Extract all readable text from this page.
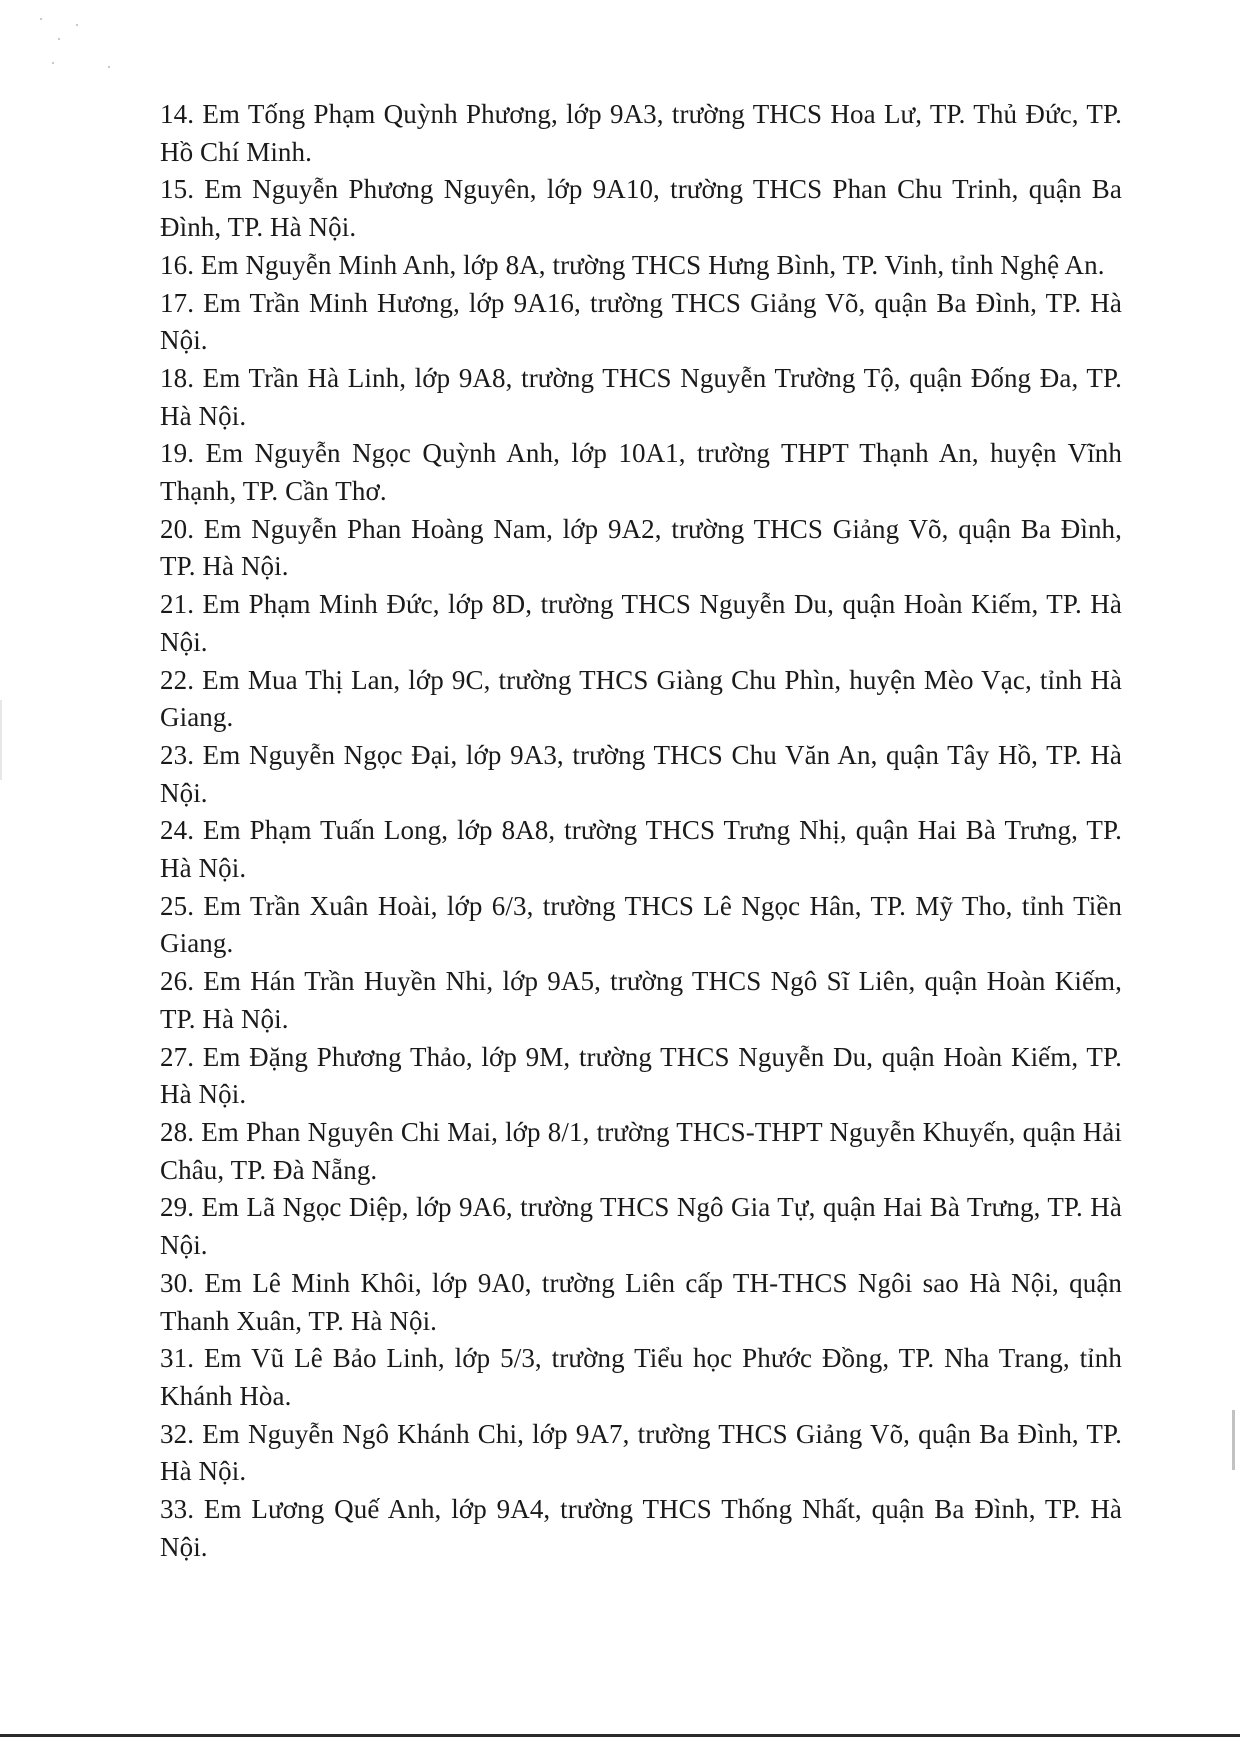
14. Em Tống Phạm Quỳnh Phương, lớp 9A3, trường THCS Hoa Lư, TP. Thủ Đức, TP. Hồ Chí Minh.
15. Em Nguyễn Phương Nguyên, lớp 9A10, trường THCS Phan Chu Trinh, quận Ba Đình, TP. Hà Nội.
16. Em Nguyễn Minh Anh, lớp 8A, trường THCS Hưng Bình, TP. Vinh, tỉnh Nghệ An.
17. Em Trần Minh Hương, lớp 9A16, trường THCS Giảng Võ, quận Ba Đình, TP. Hà Nội.
18. Em Trần Hà Linh, lớp 9A8, trường THCS Nguyễn Trường Tộ, quận Đống Đa, TP. Hà Nội.
19. Em Nguyễn Ngọc Quỳnh Anh, lớp 10A1, trường THPT Thạnh An, huyện Vĩnh Thạnh, TP. Cần Thơ.
20. Em Nguyễn Phan Hoàng Nam, lớp 9A2, trường THCS Giảng Võ, quận Ba Đình, TP. Hà Nội.
21. Em Phạm Minh Đức, lớp 8D, trường THCS Nguyễn Du, quận Hoàn Kiếm, TP. Hà Nội.
22. Em Mua Thị Lan, lớp 9C, trường THCS Giàng Chu Phìn, huyện Mèo Vạc, tỉnh Hà Giang.
23. Em Nguyễn Ngọc Đại, lớp 9A3, trường THCS Chu Văn An, quận Tây Hồ, TP. Hà Nội.
24. Em Phạm Tuấn Long, lớp 8A8, trường THCS Trưng Nhị, quận Hai Bà Trưng, TP. Hà Nội.
25. Em Trần Xuân Hoài, lớp 6/3, trường THCS Lê Ngọc Hân, TP. Mỹ Tho, tỉnh Tiền Giang.
26. Em Hán Trần Huyền Nhi, lớp 9A5, trường THCS Ngô Sĩ Liên, quận Hoàn Kiếm, TP. Hà Nội.
27. Em Đặng Phương Thảo, lớp 9M, trường THCS Nguyễn Du, quận Hoàn Kiếm, TP. Hà Nội.
28. Em Phan Nguyên Chi Mai, lớp 8/1, trường THCS-THPT Nguyễn Khuyến, quận Hải Châu, TP. Đà Nẵng.
29. Em Lã Ngọc Diệp, lớp 9A6, trường THCS Ngô Gia Tự, quận Hai Bà Trưng, TP. Hà Nội.
30. Em Lê Minh Khôi, lớp 9A0, trường Liên cấp TH-THCS Ngôi sao Hà Nội, quận Thanh Xuân, TP. Hà Nội.
31. Em Vũ Lê Bảo Linh, lớp 5/3, trường Tiểu học Phước Đồng, TP. Nha Trang, tỉnh Khánh Hòa.
32. Em Nguyễn Ngô Khánh Chi, lớp 9A7, trường THCS Giảng Võ, quận Ba Đình, TP. Hà Nội.
33. Em Lương Quế Anh, lớp 9A4, trường THCS Thống Nhất, quận Ba Đình, TP. Hà Nội.
